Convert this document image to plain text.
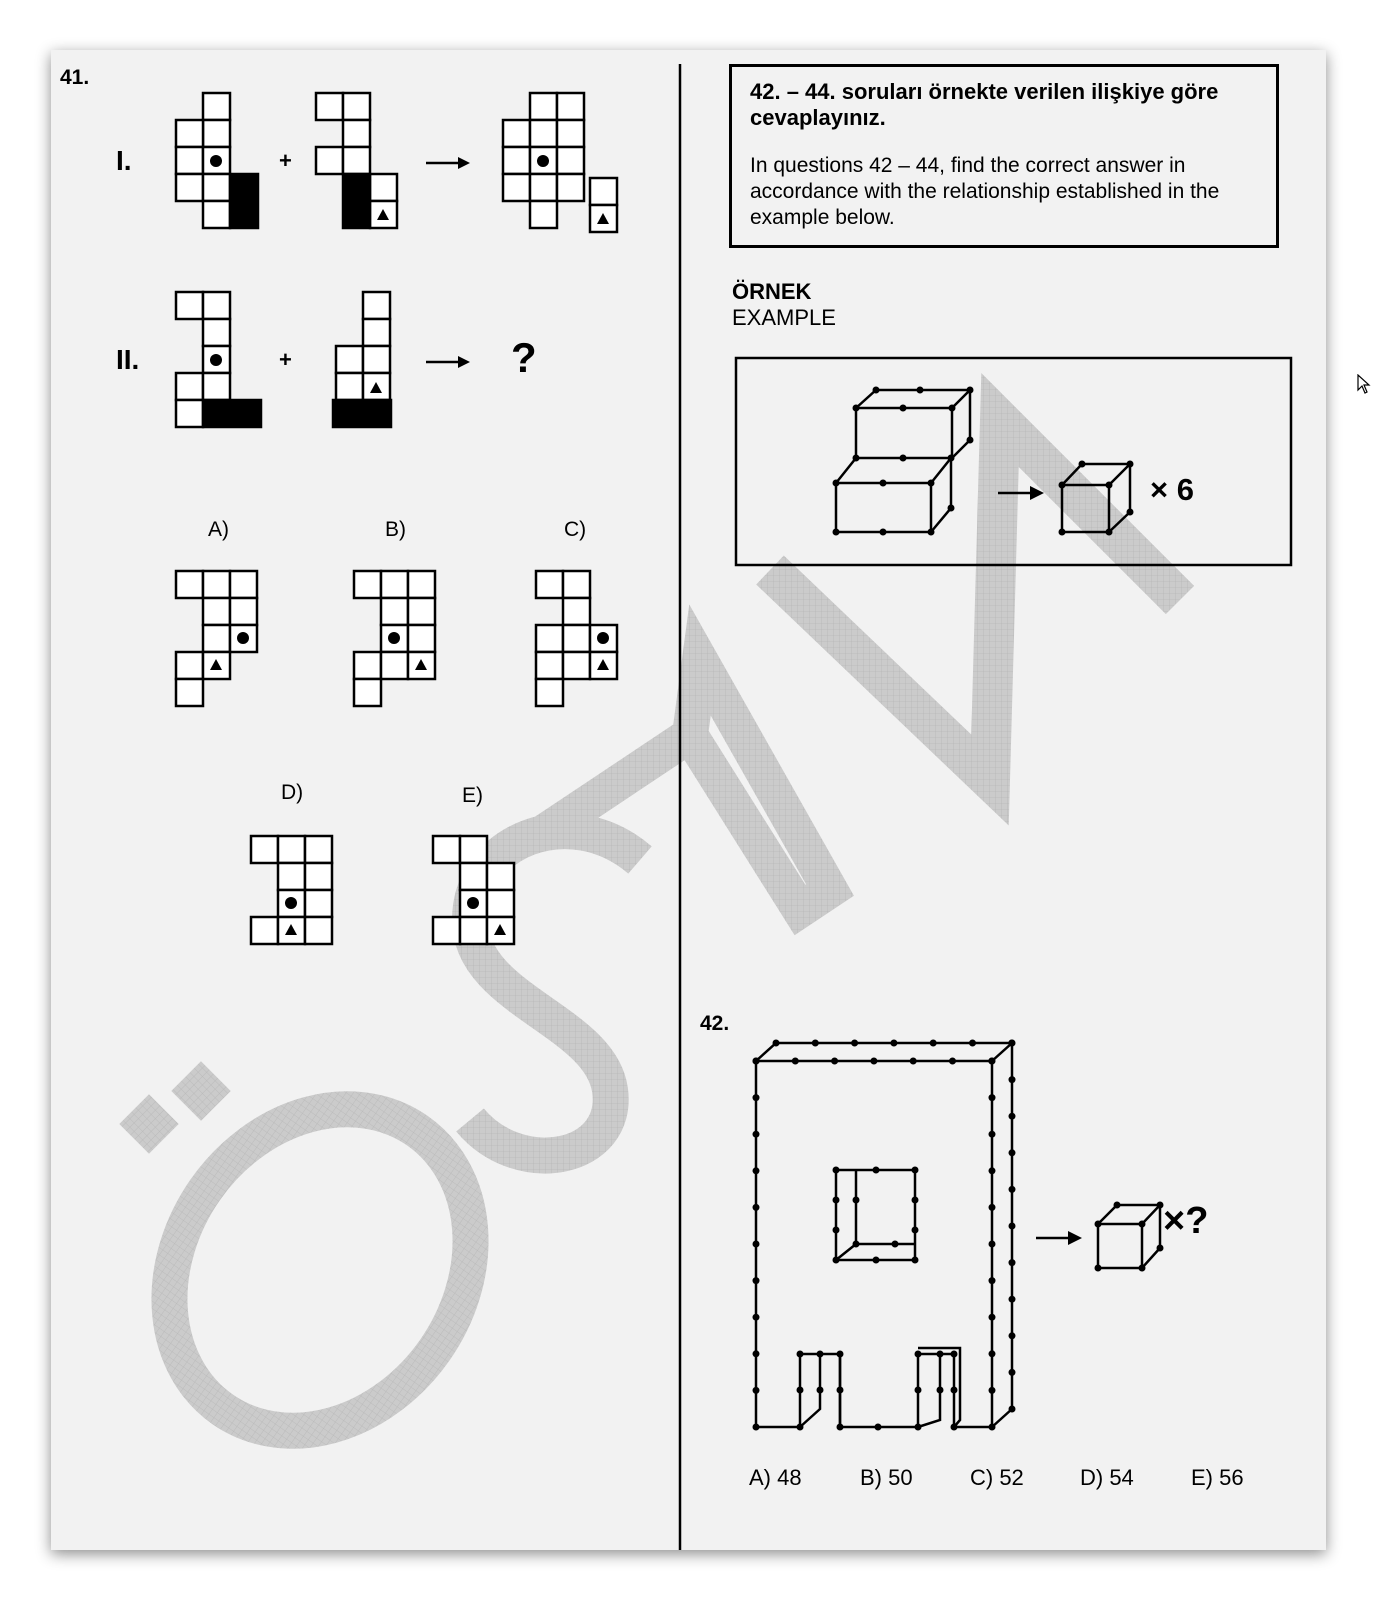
41.
I.
II.
+
+	?
A)	B)	C)
D)	E)
42. – 44. soruları örnekte verilen ilişkiye göre cevaplayınız.
In questions 42 – 44, find the correct answer in accordance with the relationship established in the example below.
ÖRNEK
EXAMPLE
× 6
42.
×?
A) 48	B) 50	C) 52	D) 54	E) 56
